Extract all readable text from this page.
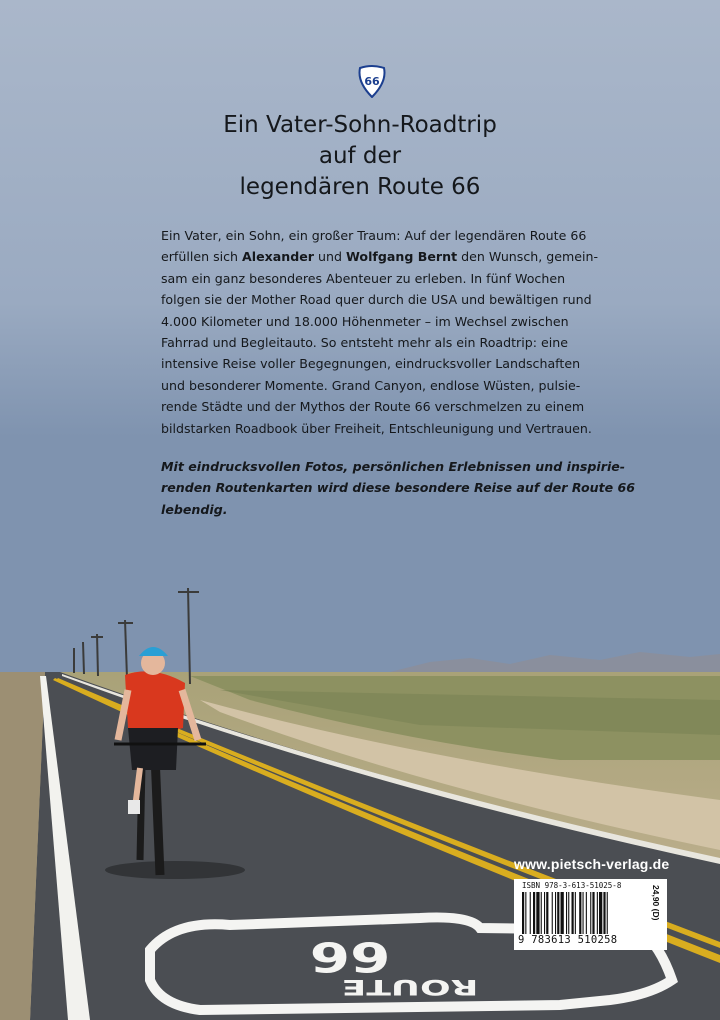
66
ROUTE
66
Ein Vater-Sohn-Roadtrip
auf der
legendären Route 66
Ein Vater, ein Sohn, ein großer Traum: Auf der legendären Route 66
erfüllen sich Alexander und Wolfgang Bernt den Wunsch, gemein-
sam ein ganz besonderes Abenteuer zu erleben. In fünf Wochen
folgen sie der Mother Road quer durch die USA und bewältigen rund
4.000 Kilometer und 18.000 Höhenmeter – im Wechsel zwischen
Fahrrad und Begleitauto. So entsteht mehr als ein Roadtrip: eine
intensive Reise voller Begegnungen, eindrucksvoller Landschaften
und besonderer Momente. Grand Canyon, endlose Wüsten, pulsie-
rende Städte und der Mythos der Route 66 verschmelzen zu einem
bildstarken Roadbook über Freiheit, Entschleunigung und Vertrauen.
Mit eindrucksvollen Fotos, persönlichen Erlebnissen und inspirie-
renden Routenkarten wird diese besondere Reise auf der Route 66
lebendig.
www.pietsch-verlag.de
ISBN 978-3-613-51025-8
9 783613 510258
24,90 (D)
